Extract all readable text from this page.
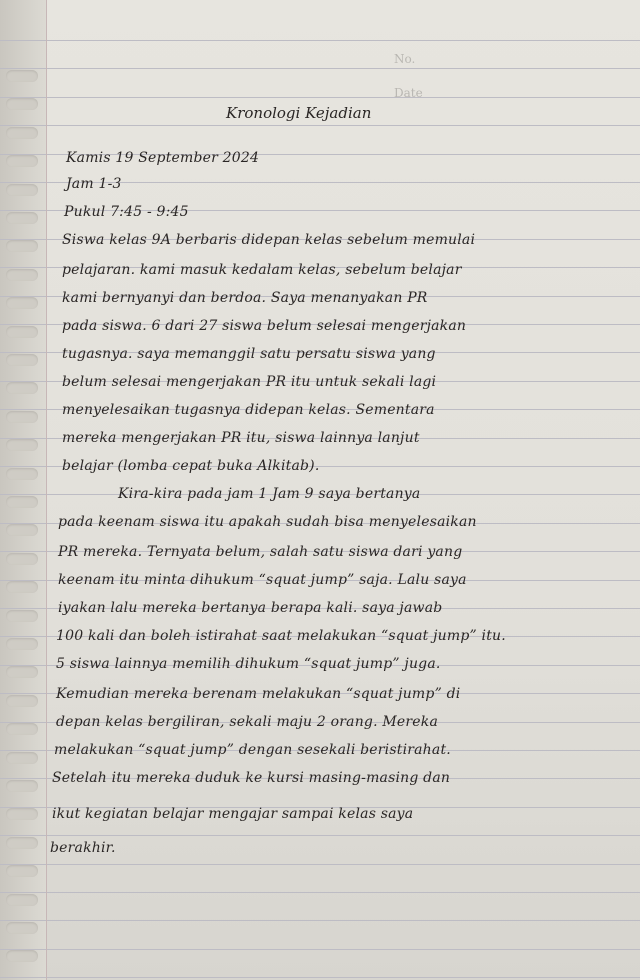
No.
Date
Kronologi Kejadian
Kamis 19 September 2024
Jam 1-3
Pukul 7:45 - 9:45
Siswa kelas 9A berbaris didepan kelas sebelum memulai
pelajaran. kami masuk kedalam kelas, sebelum belajar
kami bernyanyi dan berdoa. Saya menanyakan PR
pada siswa. 6 dari 27 siswa belum selesai mengerjakan
tugasnya. saya memanggil satu persatu siswa yang
belum selesai mengerjakan PR itu untuk sekali lagi
menyelesaikan tugasnya didepan kelas. Sementara
mereka mengerjakan PR itu, siswa lainnya lanjut
belajar (lomba cepat buka Alkitab).
Kira-kira pada jam 1 Jam 9 saya bertanya
pada keenam siswa itu apakah sudah bisa menyelesaikan
PR mereka. Ternyata belum, salah satu siswa dari yang
keenam itu minta dihukum “squat jump” saja. Lalu saya
iyakan lalu mereka bertanya berapa kali. saya jawab
100 kali dan boleh istirahat saat melakukan “squat jump” itu.
5 siswa lainnya memilih dihukum “squat jump” juga.
Kemudian mereka berenam melakukan “squat jump” di
depan kelas bergiliran, sekali maju 2 orang. Mereka
melakukan “squat jump” dengan sesekali beristirahat.
Setelah itu mereka duduk ke kursi masing-masing dan
ikut kegiatan belajar mengajar sampai kelas saya
berakhir.
